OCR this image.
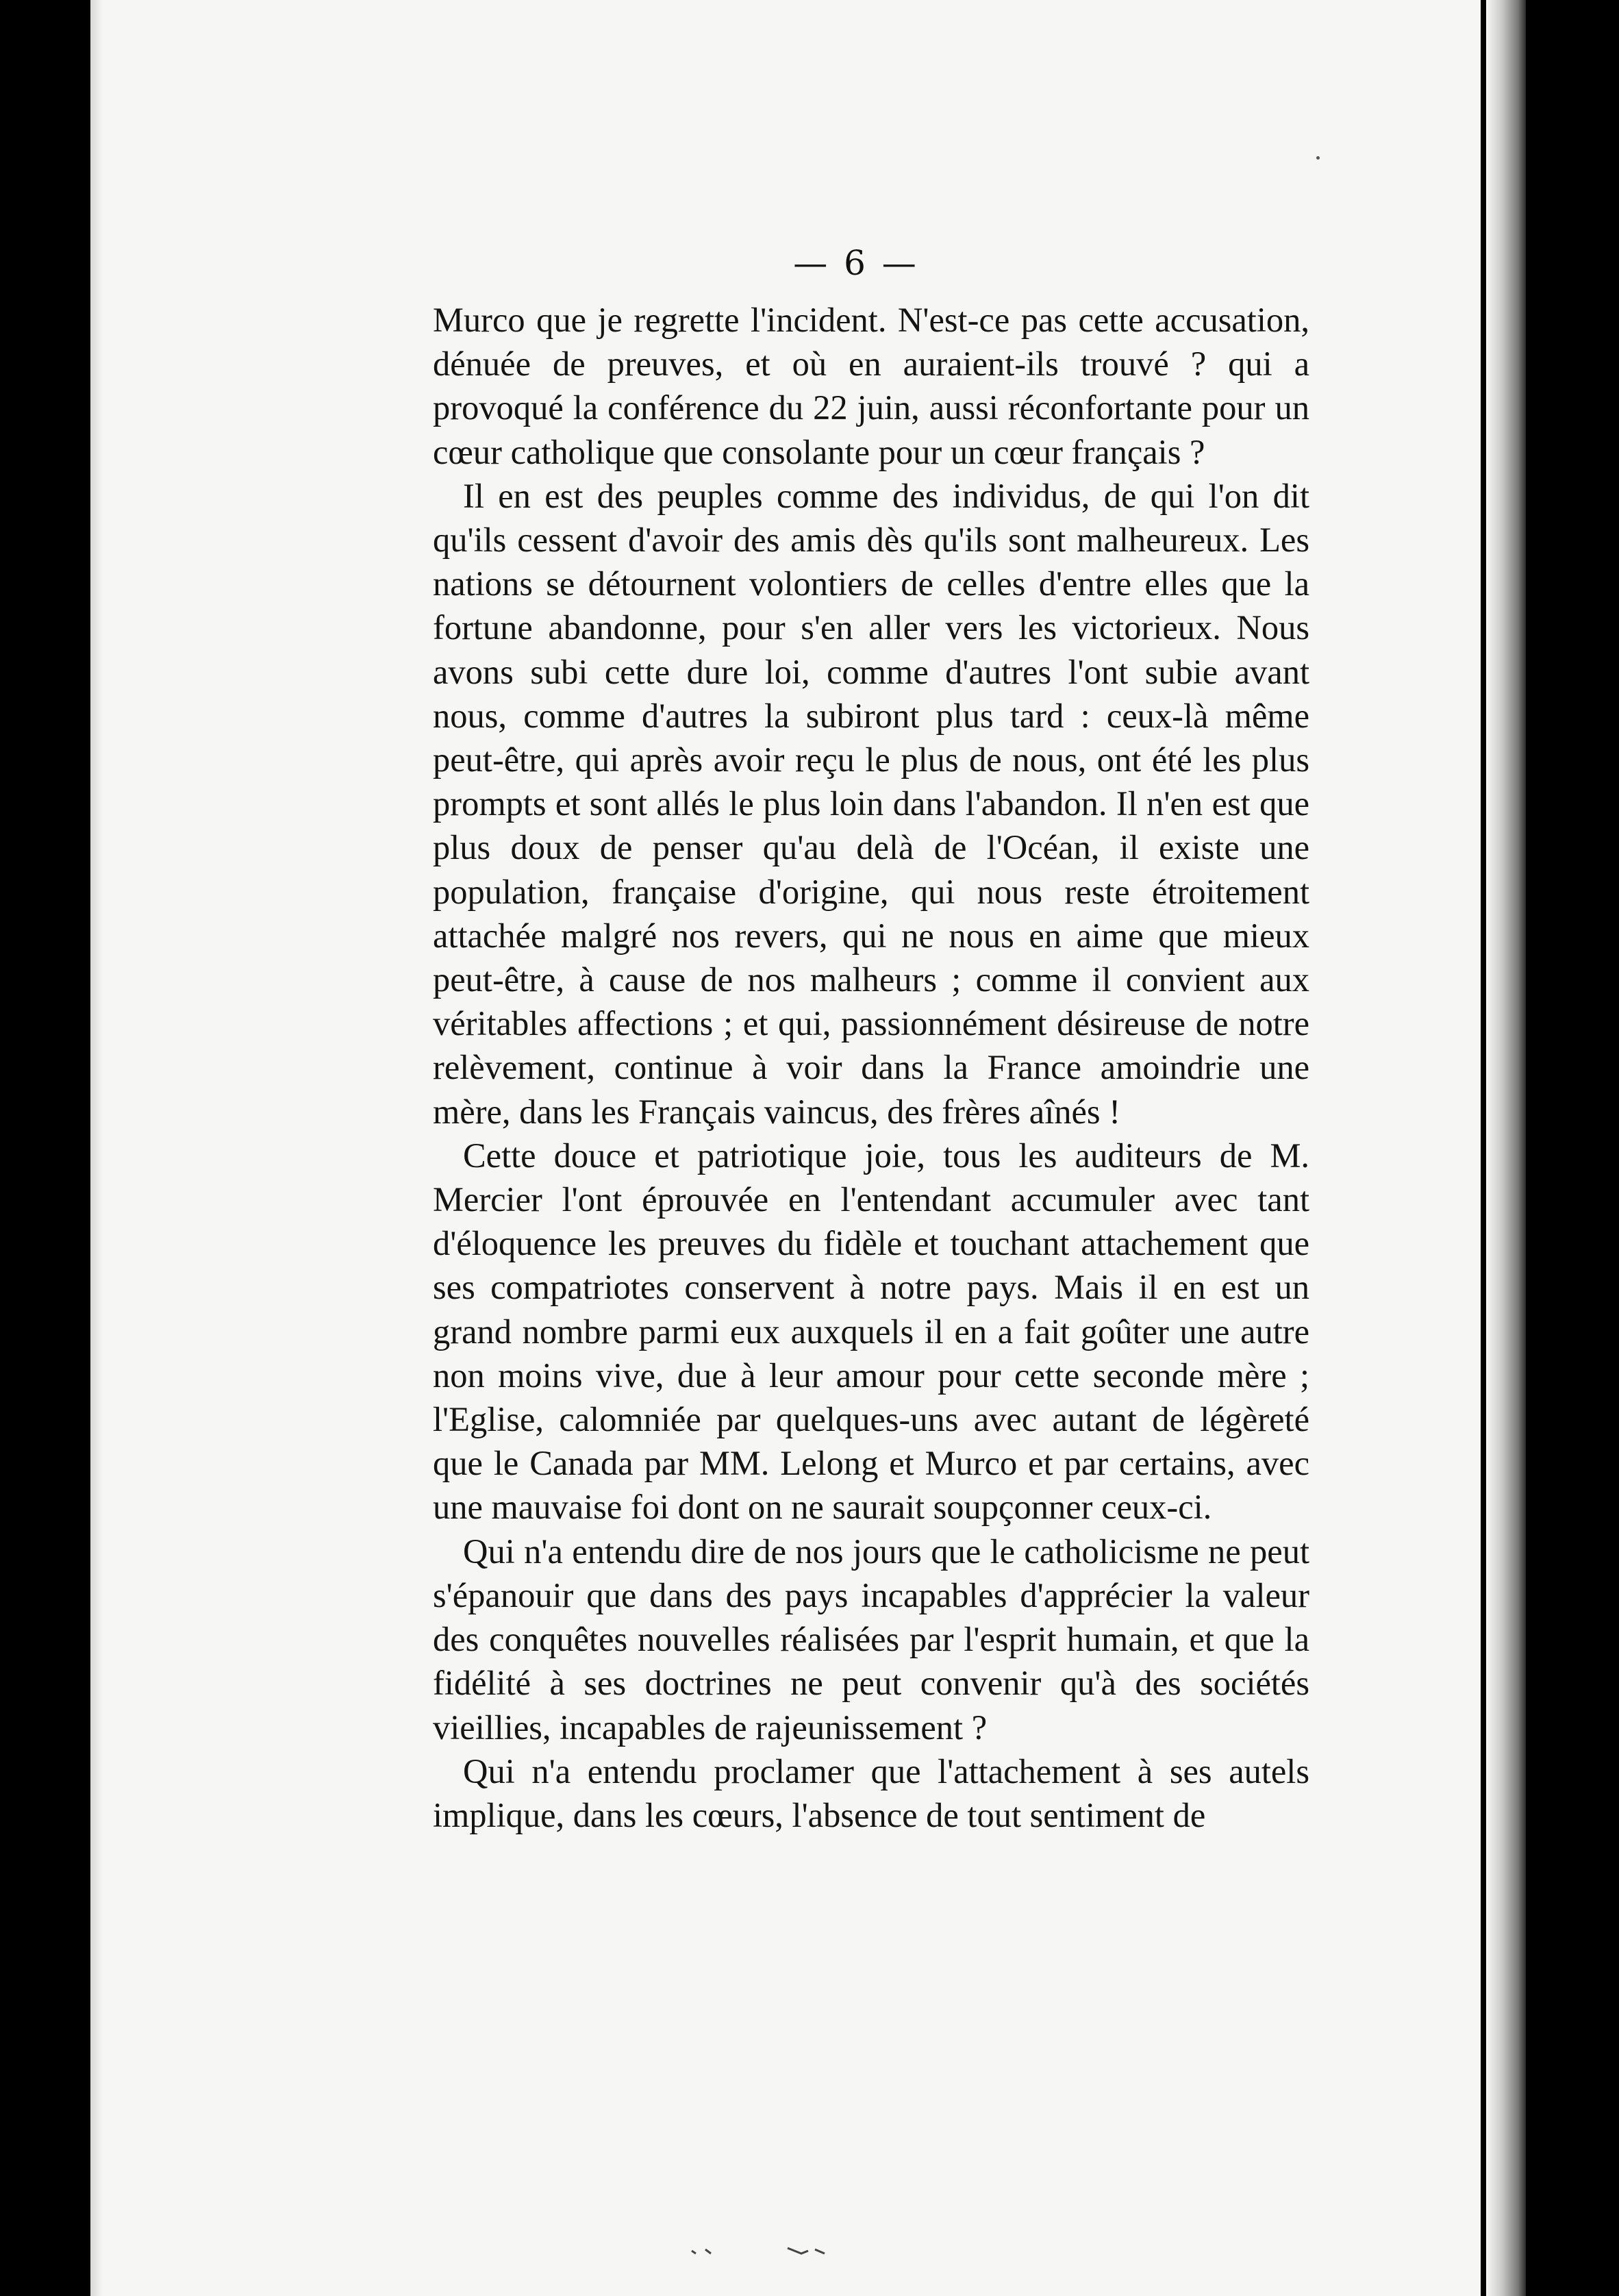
— 6 —

Murco que je regrette l'incident. N'est-ce pas cette accusation, dénuée de preuves, et où en auraient-ils trouvé ? qui a provoqué la conférence du 22 juin, aussi réconfortante pour un cœur catholique que consolante pour un cœur français ?

Il en est des peuples comme des individus, de qui l'on dit qu'ils cessent d'avoir des amis dès qu'ils sont malheureux. Les nations se détournent volontiers de celles d'entre elles que la fortune abandonne, pour s'en aller vers les victorieux. Nous avons subi cette dure loi, comme d'autres l'ont subie avant nous, comme d'autres la subiront plus tard : ceux-là même peut-être, qui après avoir reçu le plus de nous, ont été les plus prompts et sont allés le plus loin dans l'abandon. Il n'en est que plus doux de penser qu'au delà de l'Océan, il existe une population, française d'origine, qui nous reste étroitement attachée malgré nos revers, qui ne nous en aime que mieux peut-être, à cause de nos malheurs ; comme il convient aux véritables affections ; et qui, passionnément désireuse de notre relèvement, continue à voir dans la France amoindrie une mère, dans les Français vaincus, des frères aînés !

Cette douce et patriotique joie, tous les auditeurs de M. Mercier l'ont éprouvée en l'entendant accumuler avec tant d'éloquence les preuves du fidèle et touchant attachement que ses compatriotes conservent à notre pays. Mais il en est un grand nombre parmi eux auxquels il en a fait goûter une autre non moins vive, due à leur amour pour cette seconde mère ; l'Eglise, calomniée par quelques-uns avec autant de légèreté que le Canada par MM. Lelong et Murco et par certains, avec une mauvaise foi dont on ne saurait soupçonner ceux-ci.

Qui n'a entendu dire de nos jours que le catholicisme ne peut s'épanouir que dans des pays incapables d'apprécier la valeur des conquêtes nouvelles réalisées par l'esprit humain, et que la fidélité à ses doctrines ne peut convenir qu'à des sociétés vieillies, incapables de rajeunissement ?

Qui n'a entendu proclamer que l'attachement à ses autels implique, dans les cœurs, l'absence de tout sentiment de
